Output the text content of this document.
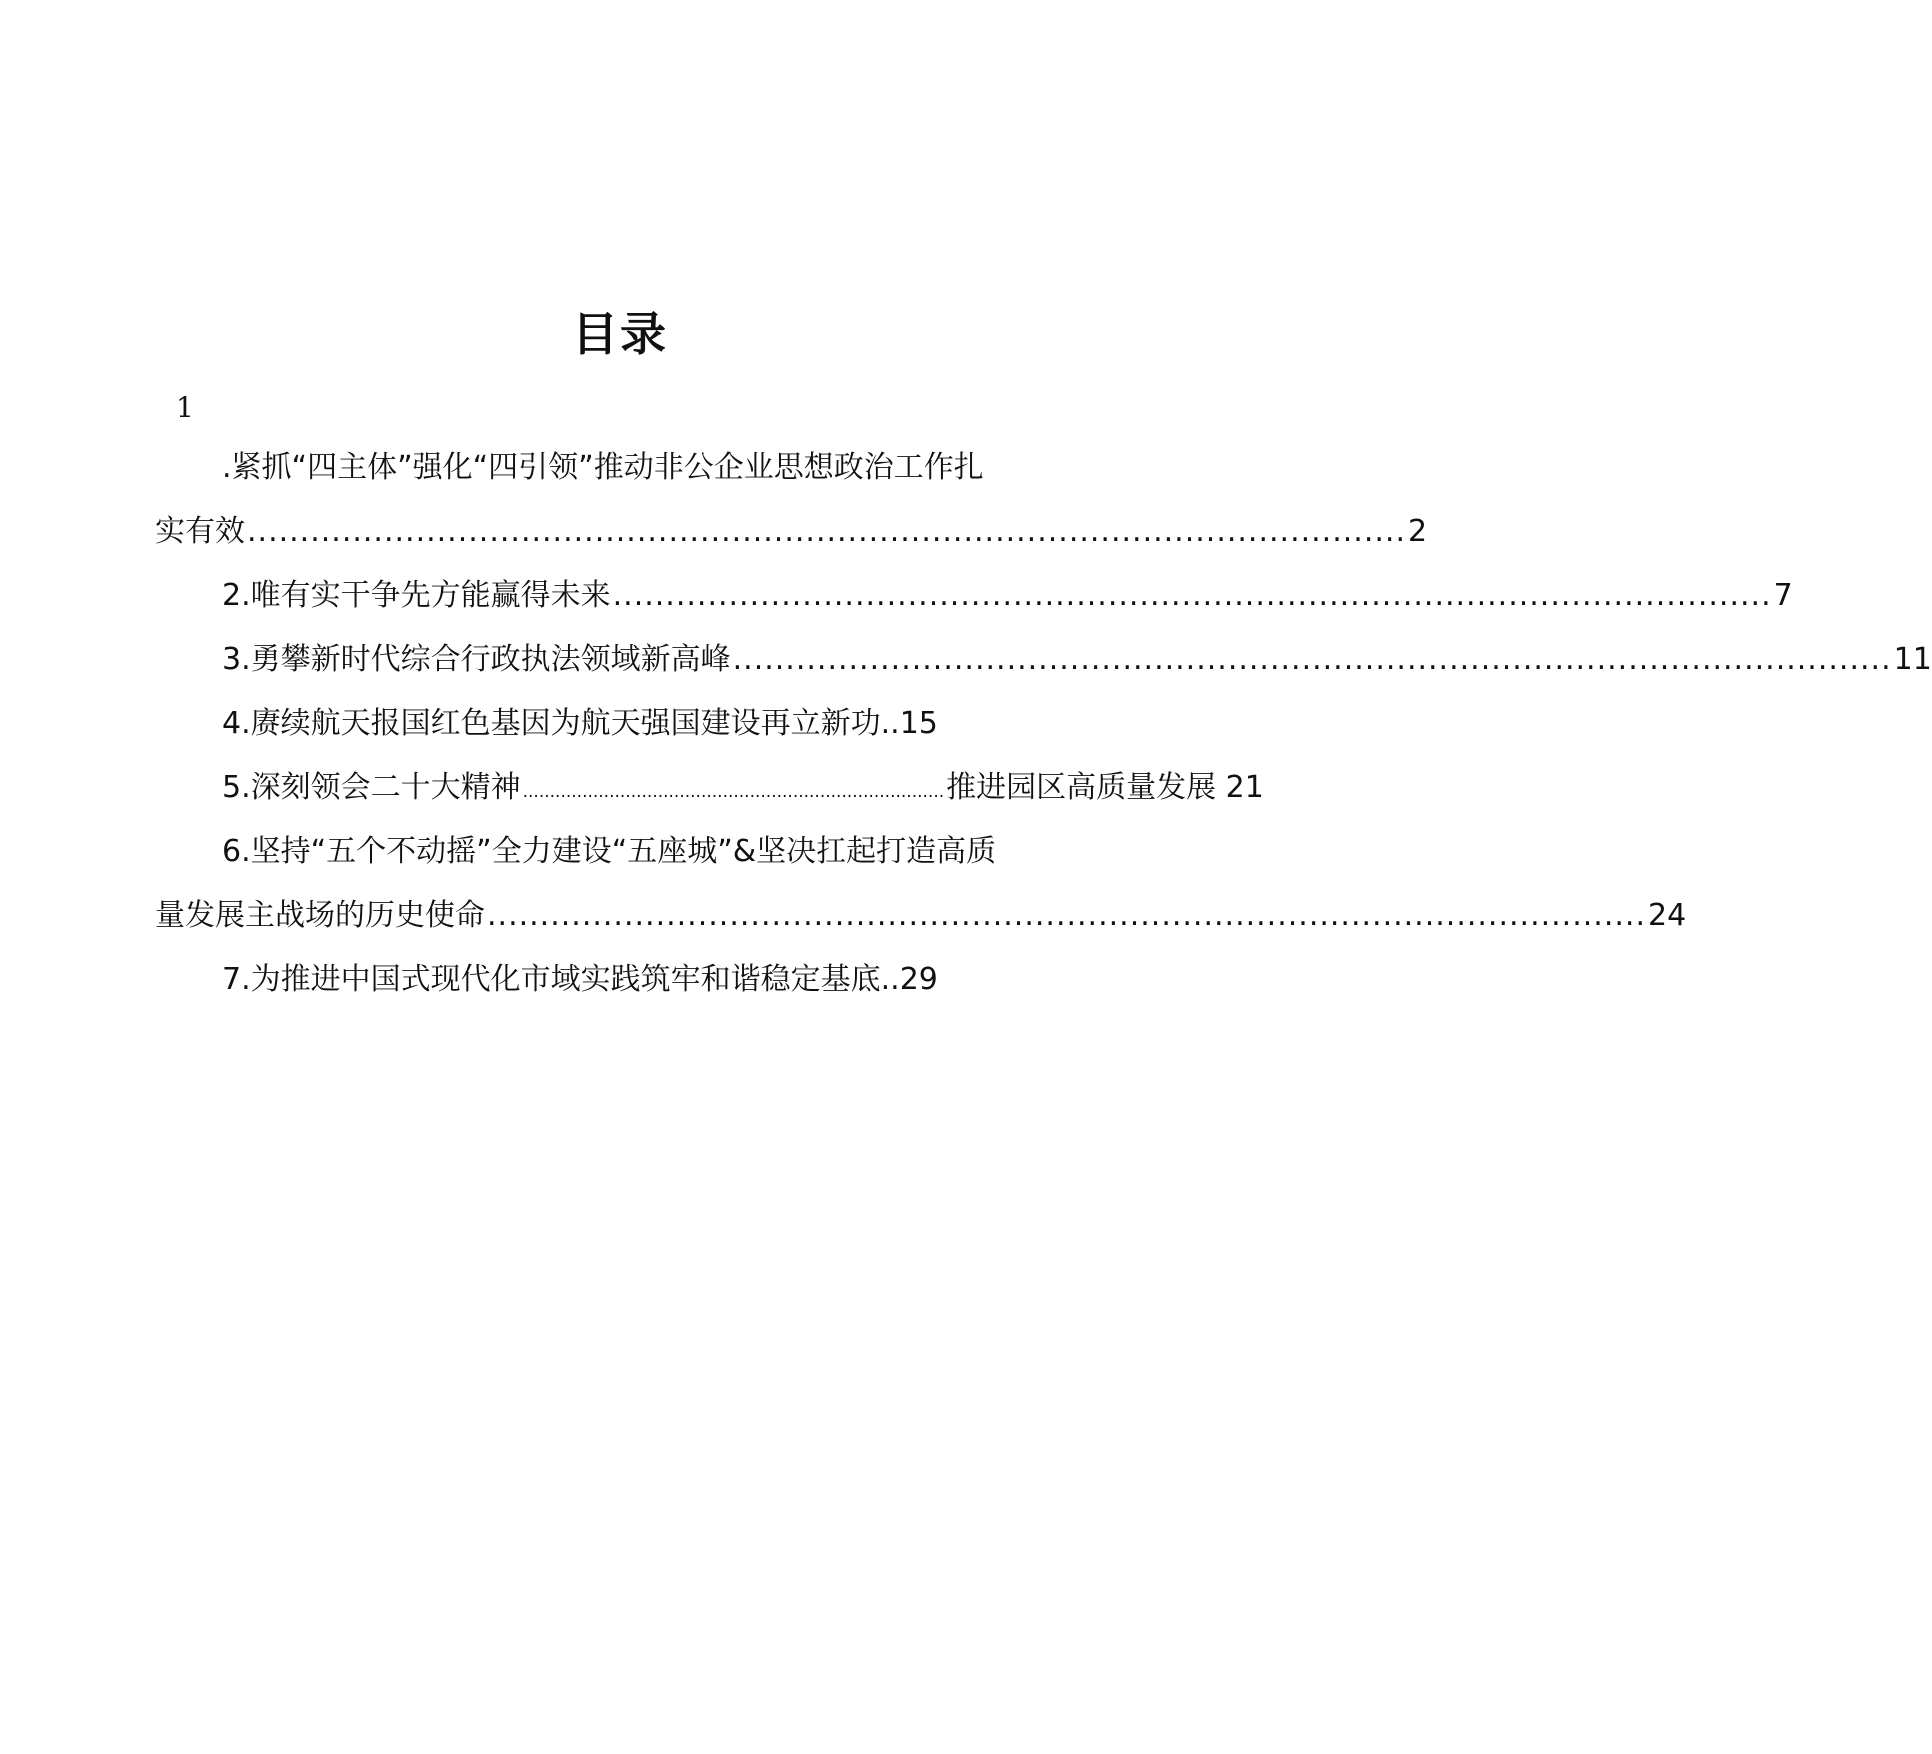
目录
1
.紧抓“四主体”强化“四引领”推动非公企业思想政治工作扎
实有效 .............................................................................................................. 2
2.唯有实干争先方能赢得未来 .............................................................................................................. 7
3.勇攀新时代综合行政执法领域新高峰 .............................................................................................................. 11
4.赓续航天报国红色基因为航天强国建设再立新功 .. 15
5.深刻领会二十大精神 .............................................................................. 推进园区高质量发展
21
6.坚持“五个不动摇”全力建设“五座城”&坚决扛起打造高质
量发展主战场的历史使命 .............................................................................................................. 24
7.为推进中国式现代化市域实践筑牢和谐稳定基底 .. 29
